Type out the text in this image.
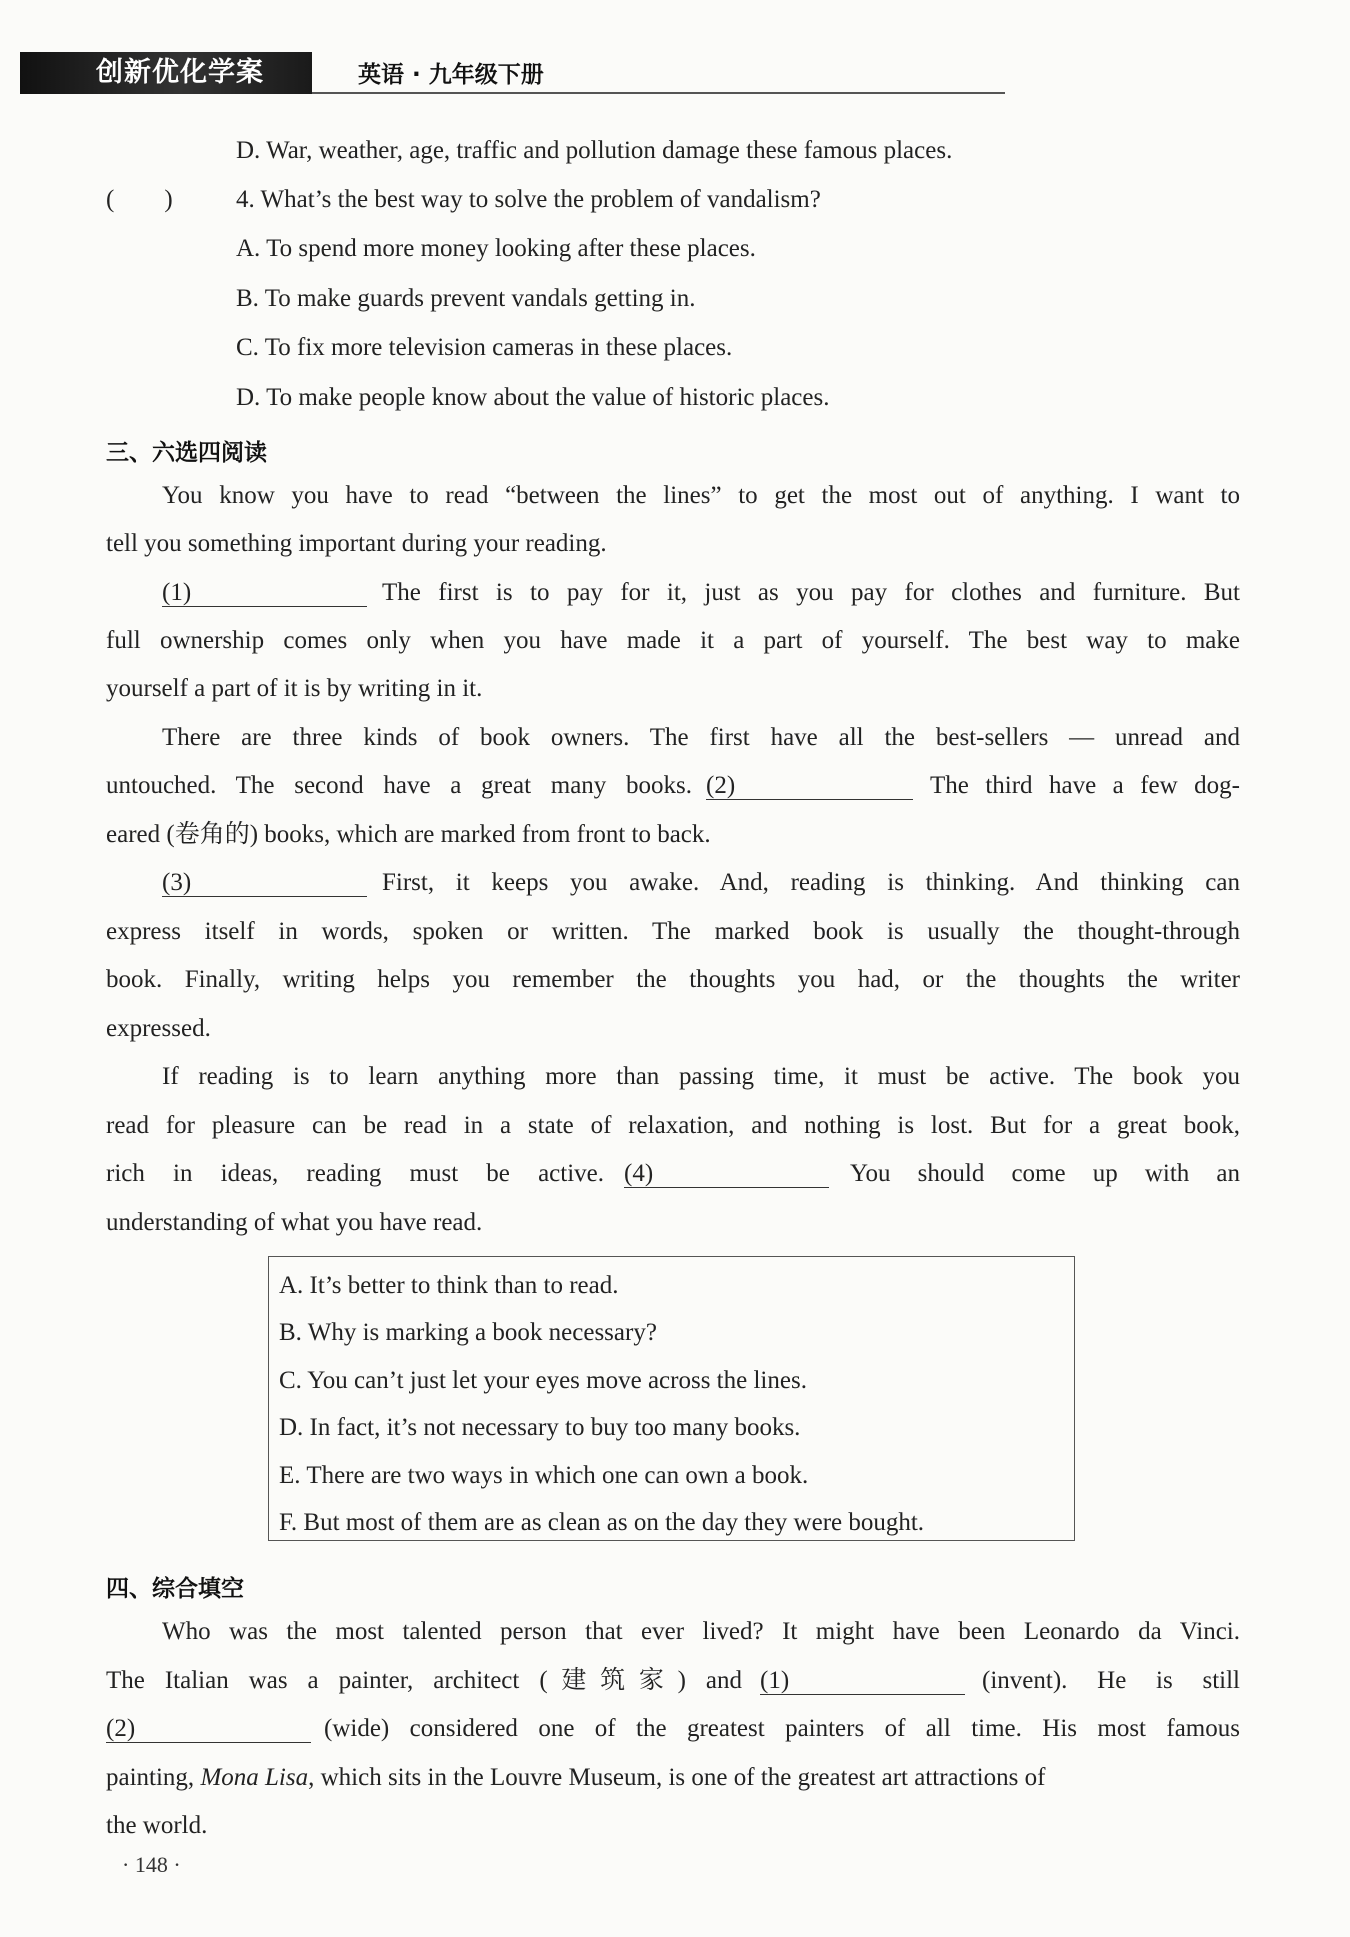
创新优化学案	英语 · 九年级下册
D. War, weather, age, traffic and pollution damage these famous places.
(　　)	4. What’s the best way to solve the problem of vandalism?
A. To spend more money looking after these places.
B. To make guards prevent vandals getting in.
C. To fix more television cameras in these places.
D. To make people know about the value of historic places.
三、六选四阅读
You know you have to read “between the lines” to get the most out of anything. I want to
tell you something important during your reading.
(1)	The first is to pay for it, just as you pay for clothes and furniture. But
full ownership comes only when you have made it a part of yourself. The best way to make
yourself a part of it is by writing in it.
There are three kinds of book owners. The first have all the best-sellers — unread and
untouched. The second have a great many books. (2)	The third have a few dog-
eared (卷角的) books, which are marked from front to back.
(3)	First, it keeps you awake. And, reading is thinking. And thinking can
express itself in words, spoken or written. The marked book is usually the thought-through
book. Finally, writing helps you remember the thoughts you had, or the thoughts the writer
expressed.
If reading is to learn anything more than passing time, it must be active. The book you
read for pleasure can be read in a state of relaxation, and nothing is lost. But for a great book,
rich in ideas, reading must be active. (4)	You should come up with an
understanding of what you have read.
A. It’s better to think than to read.
B. Why is marking a book necessary?
C. You can’t just let your eyes move across the lines.
D. In fact, it’s not necessary to buy too many books.
E. There are two ways in which one can own a book.
F. But most of them are as clean as on the day they were bought.
四、综合填空
Who was the most talented person that ever lived? It might have been Leonardo da Vinci.
The Italian was a painter, architect (建筑家) and (1)	(invent). He is still
(2)	(wide) considered one of the greatest painters of all time. His most famous
painting, Mona Lisa, which sits in the Louvre Museum, is one of the greatest art attractions of
the world.
· 148 ·
